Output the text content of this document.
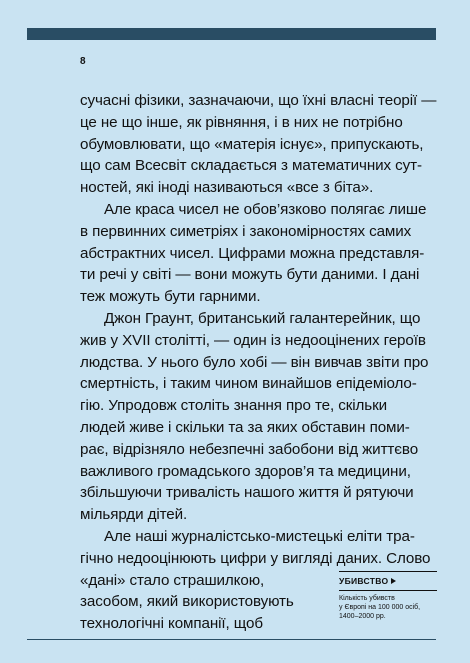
8
сучасні фізики, зазначаючи, що їхні власні теорії —
це не що інше, як рівняння, і в них не потрібно
обумовлювати, що «матерія існує», припускають,
що сам Всесвіт складається з математичних сут-
ностей, які іноді називаються «все з біта».
Але краса чисел не обов’язково полягає лише
в первинних симетріях і закономірностях самих
абстрактних чисел. Цифрами можна представля-
ти речі у світі — вони можуть бути даними. І дані
теж можуть бути гарними.
Джон Граунт, британський галантерейник, що
жив у XVII столітті, — один із недооцінених героїв
людства. У нього було хобі — він вивчав звіти про
смертність, і таким чином винайшов епідеміоло-
гію. Упродовж століть знання про те, скільки
людей живе і скільки та за яких обставин поми-
рає, відрізняло небезпечні забобони від життєво
важливого громадського здоров’я та медицини,
збільшуючи тривалість нашого життя й рятуючи
мільярди дітей.
Але наші журналістсько-мистецькі еліти тра-
гічно недооцінюють цифри у вигляді даних. Слово
«дані» стало страшилкою,
засобом, який використовують
технологічні компанії, щоб
УБИВСТВО
Кількість убивств
у Європі на 100 000 осіб,
1400–2000 рр.
